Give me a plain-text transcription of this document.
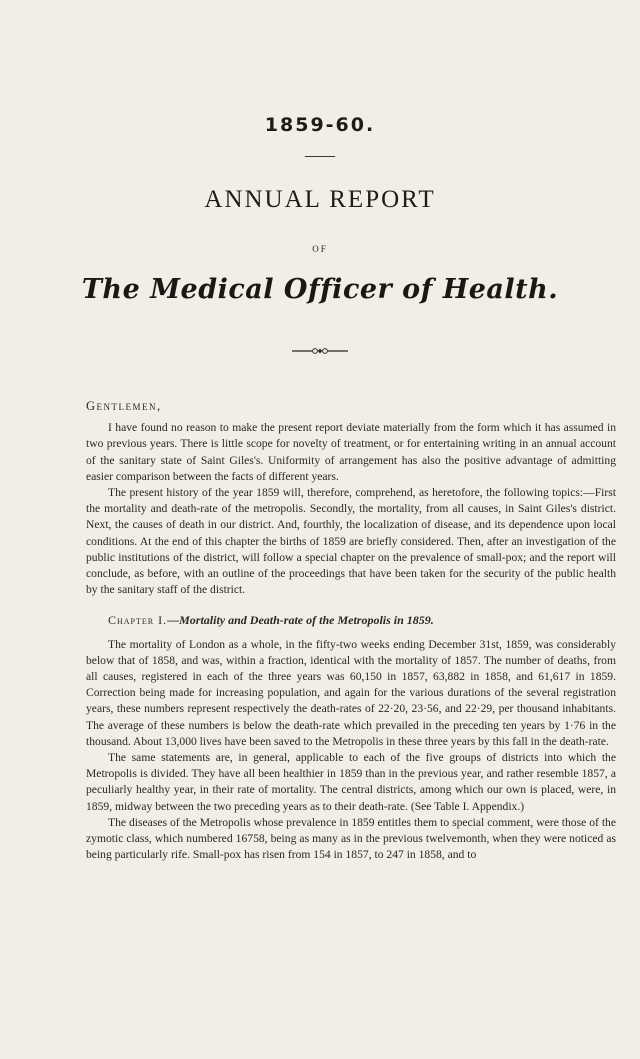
1859-60.
ANNUAL REPORT
OF
The Medical Officer of Health.
Gentlemen,

I have found no reason to make the present report deviate materially from the form which it has assumed in two previous years. There is little scope for novelty of treatment, or for entertaining writing in an annual account of the sanitary state of Saint Giles's. Uniformity of arrangement has also the positive advantage of admitting easier comparison between the facts of different years.

The present history of the year 1859 will, therefore, comprehend, as heretofore, the following topics:—First the mortality and death-rate of the metropolis. Secondly, the mortality, from all causes, in Saint Giles's district. Next, the causes of death in our district. And, fourthly, the localization of disease, and its dependence upon local conditions. At the end of this chapter the births of 1859 are briefly considered. Then, after an investigation of the public institutions of the district, will follow a special chapter on the prevalence of small-pox; and the report will conclude, as before, with an outline of the proceedings that have been taken for the security of the public health by the sanitary staff of the district.

Chapter I.—Mortality and Death-rate of the Metropolis in 1859.

The mortality of London as a whole, in the fifty-two weeks ending December 31st, 1859, was considerably below that of 1858, and was, within a fraction, identical with the mortality of 1857. The number of deaths, from all causes, registered in each of the three years was 60,150 in 1857, 63,882 in 1858, and 61,617 in 1859. Correction being made for increasing population, and again for the various durations of the several registration years, these numbers represent respectively the death-rates of 22·20, 23·56, and 22·29, per thousand inhabitants. The average of these numbers is below the death-rate which prevailed in the preceding ten years by 1·76 in the thousand. About 13,000 lives have been saved to the Metropolis in these three years by this fall in the death-rate.

The same statements are, in general, applicable to each of the five groups of districts into which the Metropolis is divided. They have all been healthier in 1859 than in the previous year, and rather resemble 1857, a peculiarly healthy year, in their rate of mortality. The central districts, among which our own is placed, were, in 1859, midway between the two preceding years as to their death-rate. (See Table I. Appendix.)

The diseases of the Metropolis whose prevalence in 1859 entitles them to special comment, were those of the zymotic class, which numbered 16758, being as many as in the previous twelvemonth, when they were noticed as being particularly rife. Small-pox has risen from 154 in 1857, to 247 in 1858, and to
